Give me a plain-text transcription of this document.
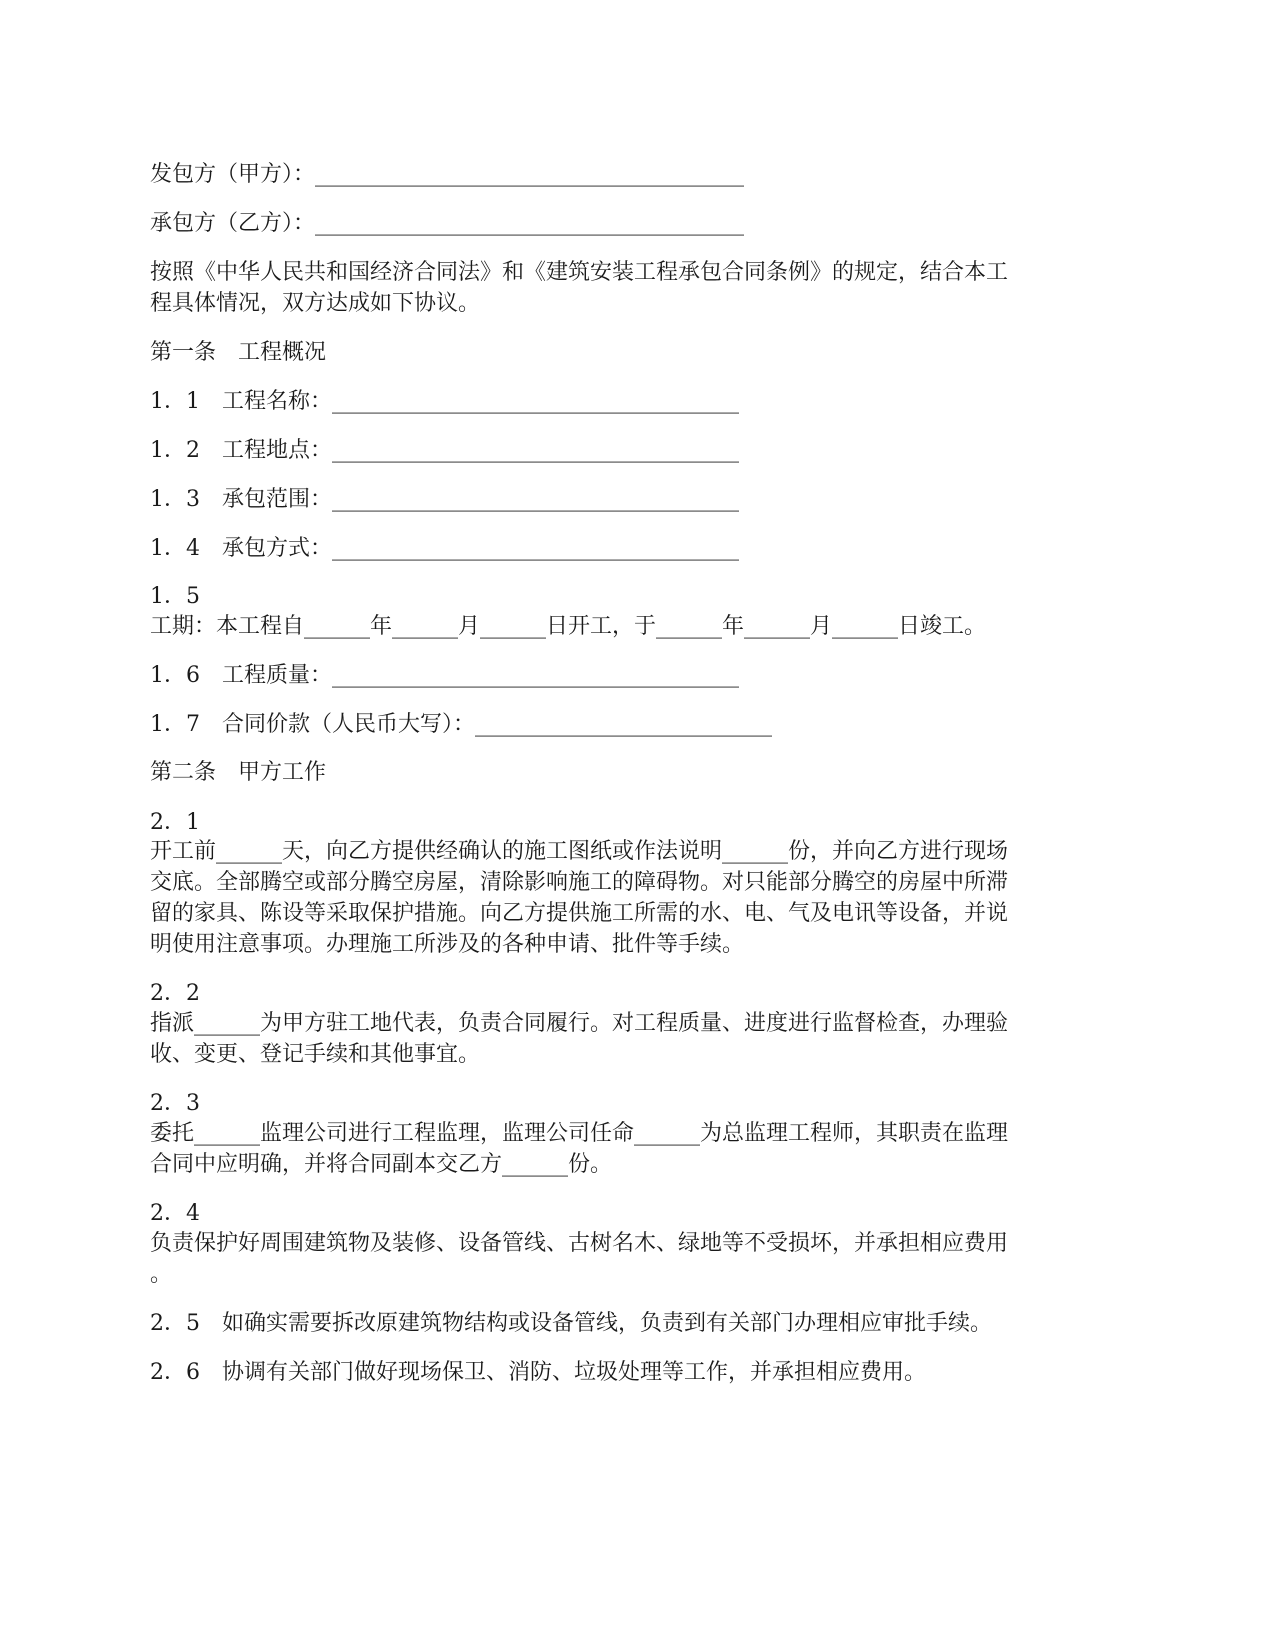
发包方（甲方）：_______________________________________
承包方（乙方）：_______________________________________
按照《中华人民共和国经济合同法》和《建筑安装工程承包合同条例》的规定，结合本工
程具体情况，双方达成如下协议。
第一条　工程概况
1．1　工程名称：_____________________________________
1．2　工程地点：_____________________________________
1．3　承包范围：_____________________________________
1．4　承包方式：_____________________________________
1．5
工期：本工程自______年______月______日开工，于______年______月______日竣工。
1．6　工程质量：_____________________________________
1．7　合同价款（人民币大写）：___________________________
第二条　甲方工作
2．1
开工前______天，向乙方提供经确认的施工图纸或作法说明______份，并向乙方进行现场
交底。全部腾空或部分腾空房屋，清除影响施工的障碍物。对只能部分腾空的房屋中所滞
留的家具、陈设等采取保护措施。向乙方提供施工所需的水、电、气及电讯等设备，并说
明使用注意事项。办理施工所涉及的各种申请、批件等手续。
2．2
指派______为甲方驻工地代表，负责合同履行。对工程质量、进度进行监督检查，办理验
收、变更、登记手续和其他事宜。
2．3
委托______监理公司进行工程监理，监理公司任命______为总监理工程师，其职责在监理
合同中应明确，并将合同副本交乙方______份。
2．4
负责保护好周围建筑物及装修、设备管线、古树名木、绿地等不受损坏，并承担相应费用
。
2．5　如确实需要拆改原建筑物结构或设备管线，负责到有关部门办理相应审批手续。
2．6　协调有关部门做好现场保卫、消防、垃圾处理等工作，并承担相应费用。
